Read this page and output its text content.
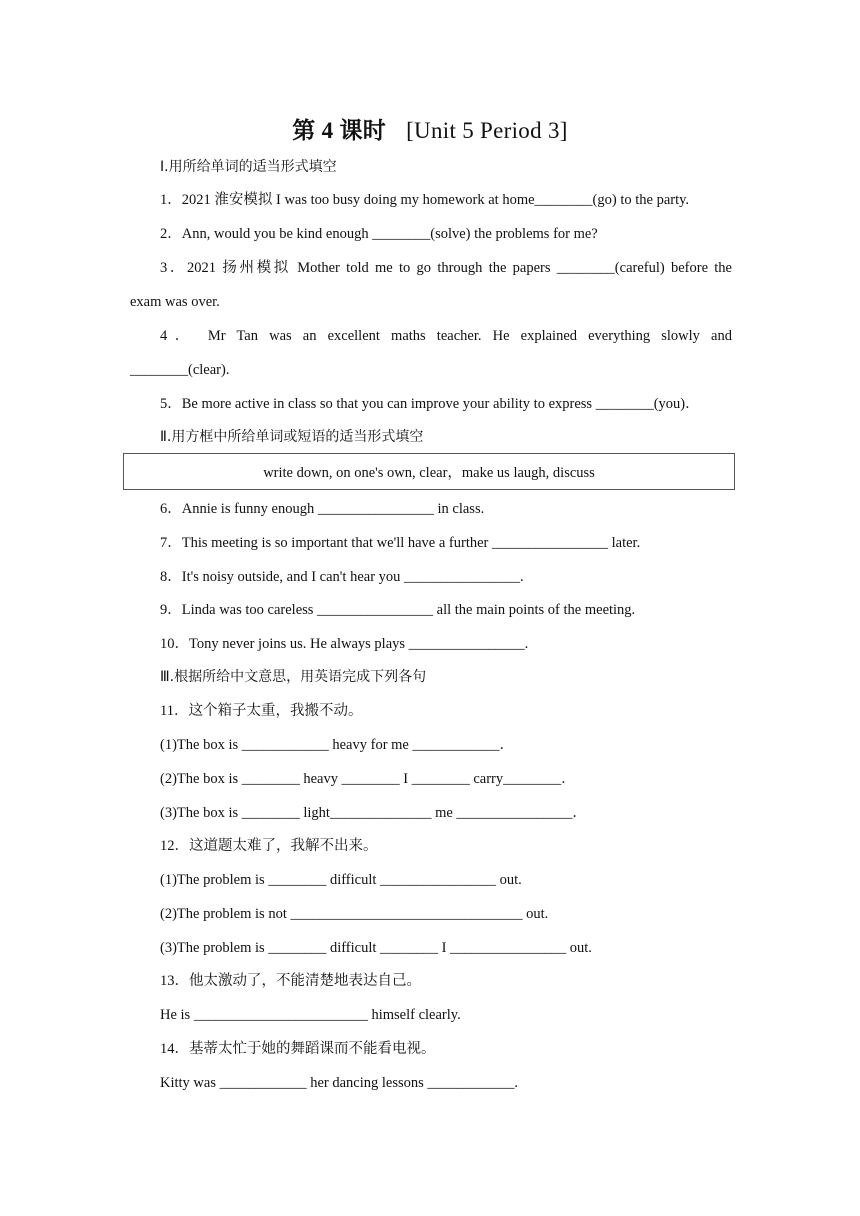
第 4 课时 [Unit 5 Period 3]
Ⅰ.用所给单词的适当形式填空
1．2021 淮安模拟 I was too busy doing my homework at home________(go) to the party.
2．Ann, would you be kind enough ________(solve) the problems for me?
3．2021 扬州模拟 Mother told me to go through the papers ________(careful) before the
exam was over.
4． Mr Tan was an excellent maths teacher. He explained everything slowly and
________(clear).
5．Be more active in class so that you can improve your ability to express ________(you)．
Ⅱ.用方框中所给单词或短语的适当形式填空
write down, on one's own, clear，make us laugh, discuss
6．Annie is funny enough ________________ in class.
7．This meeting is so important that we'll have a further ________________ later.
8．It's noisy outside, and I can't hear you ________________.
9．Linda was too careless ________________ all the main points of the meeting.
10．Tony never joins us. He always plays ________________.
Ⅲ.根据所给中文意思，用英语完成下列各句
11．这个箱子太重，我搬不动。
(1)The box is ____________ heavy for me ____________．
(2)The box is ________ heavy ________ I ________ carry________．
(3)The box is ________ light______________ me ________________．
12．这道题太难了，我解不出来。
(1)The problem is ________ difficult ________________ out.
(2)The problem is not ________________________________ out.
(3)The problem is ________ difficult ________ I ________________ out.
13．他太激动了，不能清楚地表达自己。
He is ________________________ himself clearly.
14．基蒂太忙于她的舞蹈课而不能看电视。
Kitty was ____________ her dancing lessons ____________.
